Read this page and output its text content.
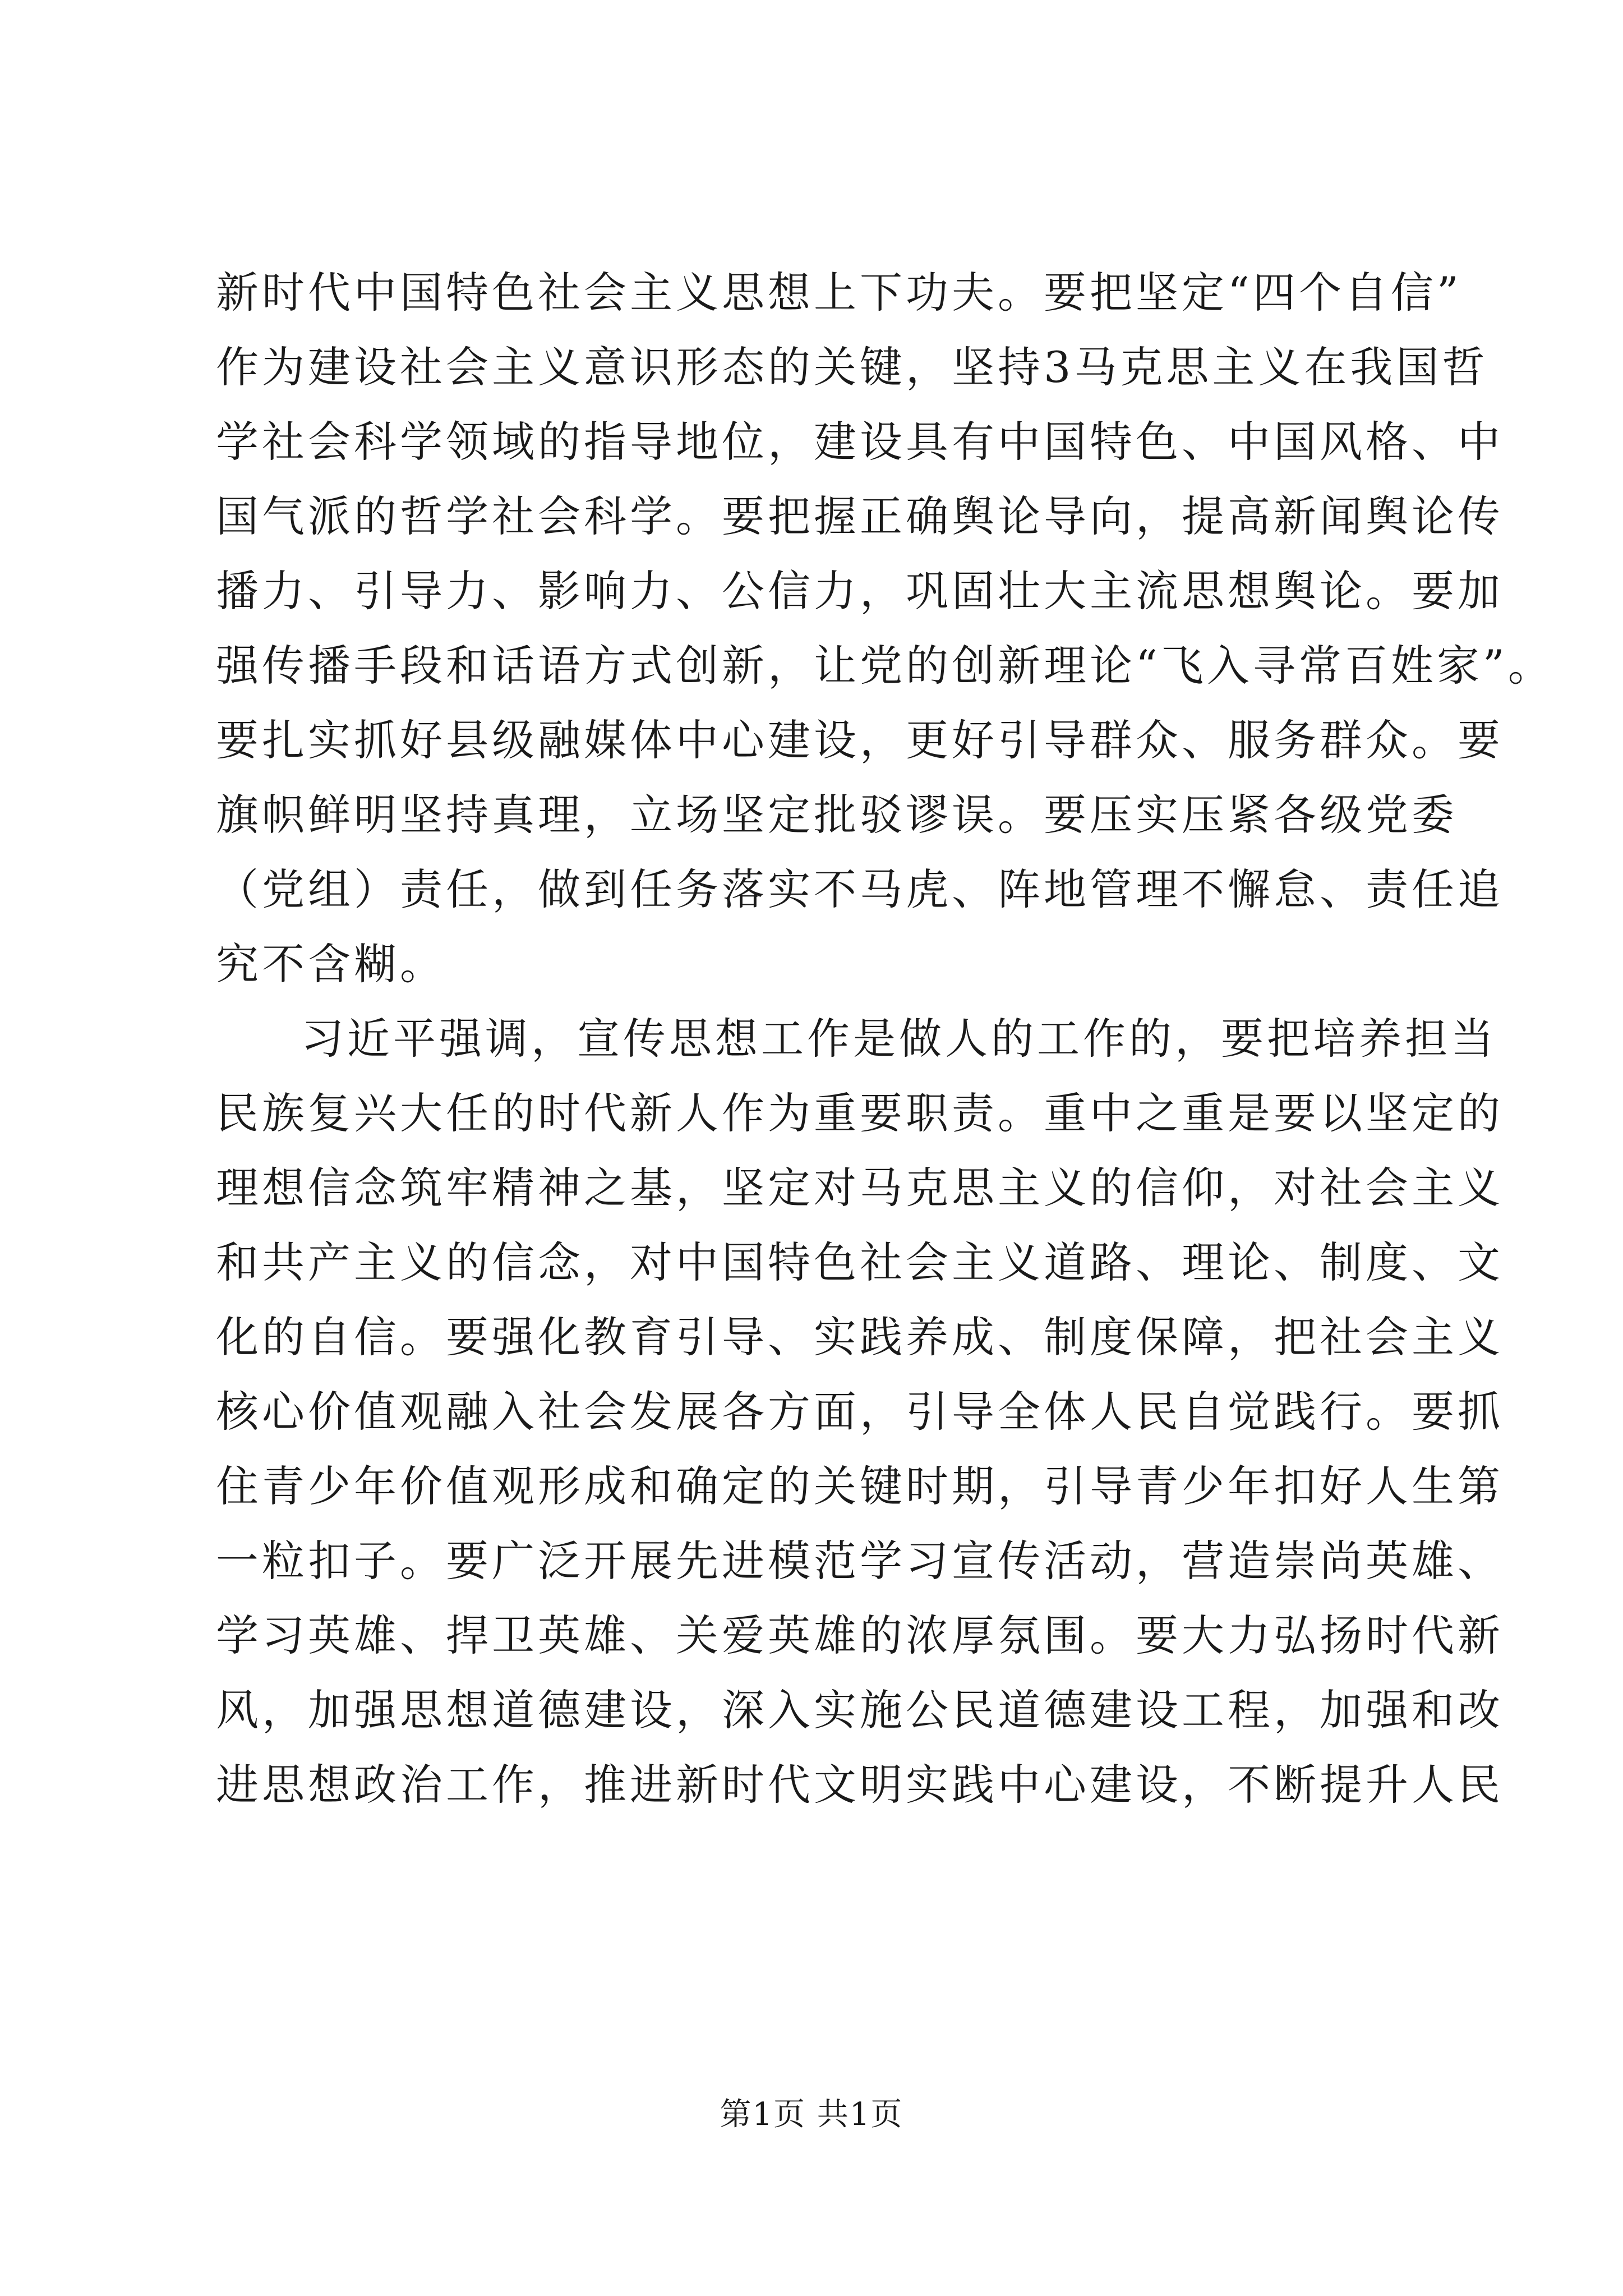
新时代中国特色社会主义思想上下功夫。要把坚定“四个自信”
作为建设社会主义意识形态的关键，坚持3马克思主义在我国哲
学社会科学领域的指导地位，建设具有中国特色、中国风格、中
国气派的哲学社会科学。要把握正确舆论导向，提高新闻舆论传
播力、引导力、影响力、公信力，巩固壮大主流思想舆论。要加
强传播手段和话语方式创新，让党的创新理论“飞入寻常百姓家”。
要扎实抓好县级融媒体中心建设，更好引导群众、服务群众。要
旗帜鲜明坚持真理，立场坚定批驳谬误。要压实压紧各级党委
（党组）责任，做到任务落实不马虎、阵地管理不懈怠、责任追
究不含糊。
习近平强调，宣传思想工作是做人的工作的，要把培养担当
民族复兴大任的时代新人作为重要职责。重中之重是要以坚定的
理想信念筑牢精神之基，坚定对马克思主义的信仰，对社会主义
和共产主义的信念，对中国特色社会主义道路、理论、制度、文
化的自信。要强化教育引导、实践养成、制度保障，把社会主义
核心价值观融入社会发展各方面，引导全体人民自觉践行。要抓
住青少年价值观形成和确定的关键时期，引导青少年扣好人生第
一粒扣子。要广泛开展先进模范学习宣传活动，营造崇尚英雄、
学习英雄、捍卫英雄、关爱英雄的浓厚氛围。要大力弘扬时代新
风，加强思想道德建设，深入实施公民道德建设工程，加强和改
进思想政治工作，推进新时代文明实践中心建设，不断提升人民
第1页 共1页
